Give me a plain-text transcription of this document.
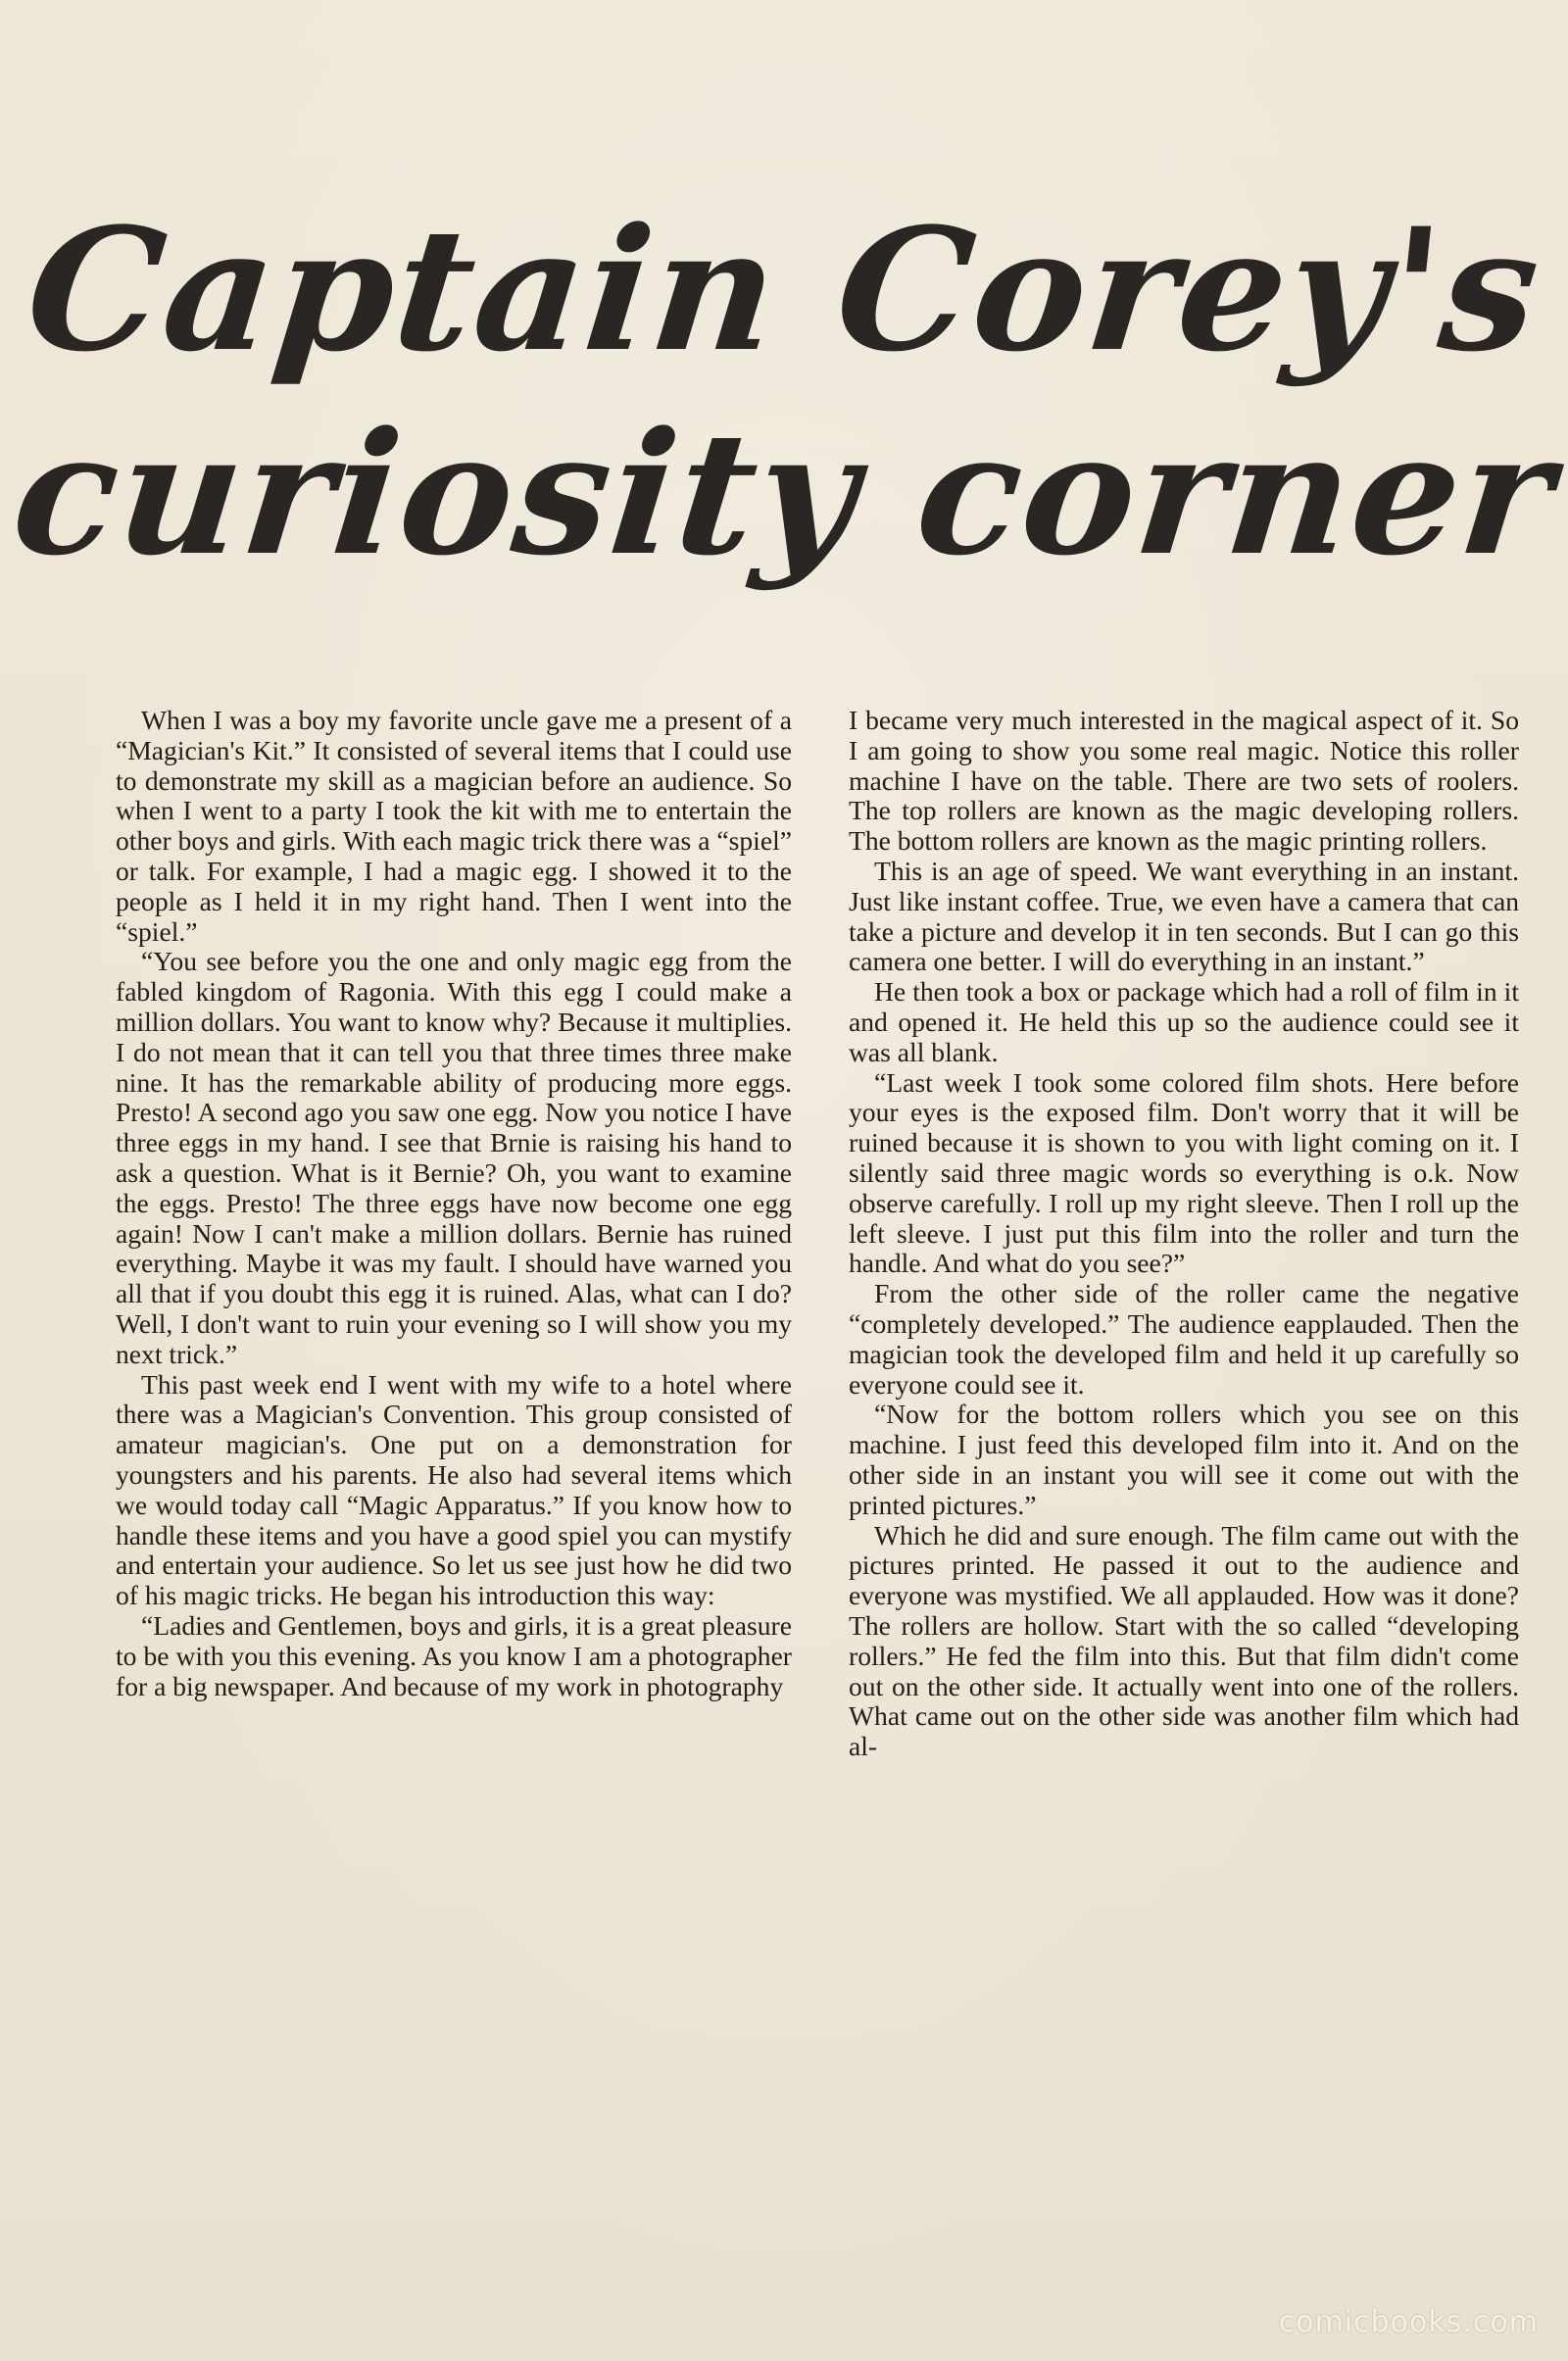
Captain Corey's
curiosity corner

When I was a boy my favorite uncle gave me a present of a “Magician's Kit.” It consisted of several items that I could use to demonstrate my skill as a magician before an audience. So when I went to a party I took the kit with me to entertain the other boys and girls. With each magic trick there was a “spiel” or talk. For example, I had a magic egg. I showed it to the people as I held it in my right hand. Then I went into the “spiel.”

“You see before you the one and only magic egg from the fabled kingdom of Ragonia. With this egg I could make a million dollars. You want to know why? Because it multiplies. I do not mean that it can tell you that three times three make nine. It has the remarkable ability of producing more eggs. Presto! A second ago you saw one egg. Now you notice I have three eggs in my hand. I see that Brnie is raising his hand to ask a question. What is it Bernie? Oh, you want to examine the eggs. Presto! The three eggs have now become one egg again! Now I can't make a million dollars. Bernie has ruined everything. Maybe it was my fault. I should have warned you all that if you doubt this egg it is ruined. Alas, what can I do? Well, I don't want to ruin your evening so I will show you my next trick.”

This past week end I went with my wife to a hotel where there was a Magician's Convention. This group consisted of amateur magician's. One put on a demonstration for youngsters and his parents. He also had several items which we would today call “Magic Apparatus.” If you know how to handle these items and you have a good spiel you can mystify and entertain your audience. So let us see just how he did two of his magic tricks. He began his introduction this way:

“Ladies and Gentlemen, boys and girls, it is a great pleasure to be with you this evening. As you know I am a photographer for a big newspaper. And because of my work in photography

I became very much interested in the magical aspect of it. So I am going to show you some real magic. Notice this roller machine I have on the table. There are two sets of roolers. The top rollers are known as the magic developing rollers. The bottom rollers are known as the magic printing rollers.

This is an age of speed. We want everything in an instant. Just like instant coffee. True, we even have a camera that can take a picture and develop it in ten seconds. But I can go this camera one better. I will do everything in an instant.”

He then took a box or package which had a roll of film in it and opened it. He held this up so the audience could see it was all blank.

“Last week I took some colored film shots. Here before your eyes is the exposed film. Don't worry that it will be ruined because it is shown to you with light coming on it. I silently said three magic words so everything is o.k. Now observe carefully. I roll up my right sleeve. Then I roll up the left sleeve. I just put this film into the roller and turn the handle. And what do you see?”

From the other side of the roller came the negative “completely developed.” The audience eapplauded. Then the magician took the developed film and held it up carefully so everyone could see it.

“Now for the bottom rollers which you see on this machine. I just feed this developed film into it. And on the other side in an instant you will see it come out with the printed pictures.”

Which he did and sure enough. The film came out with the pictures printed. He passed it out to the audience and everyone was mystified. We all applauded. How was it done? The rollers are hollow. Start with the so called “developing rollers.” He fed the film into this. But that film didn't come out on the other side. It actually went into one of the rollers. What came out on the other side was another film which had al-

comicbooks.com
